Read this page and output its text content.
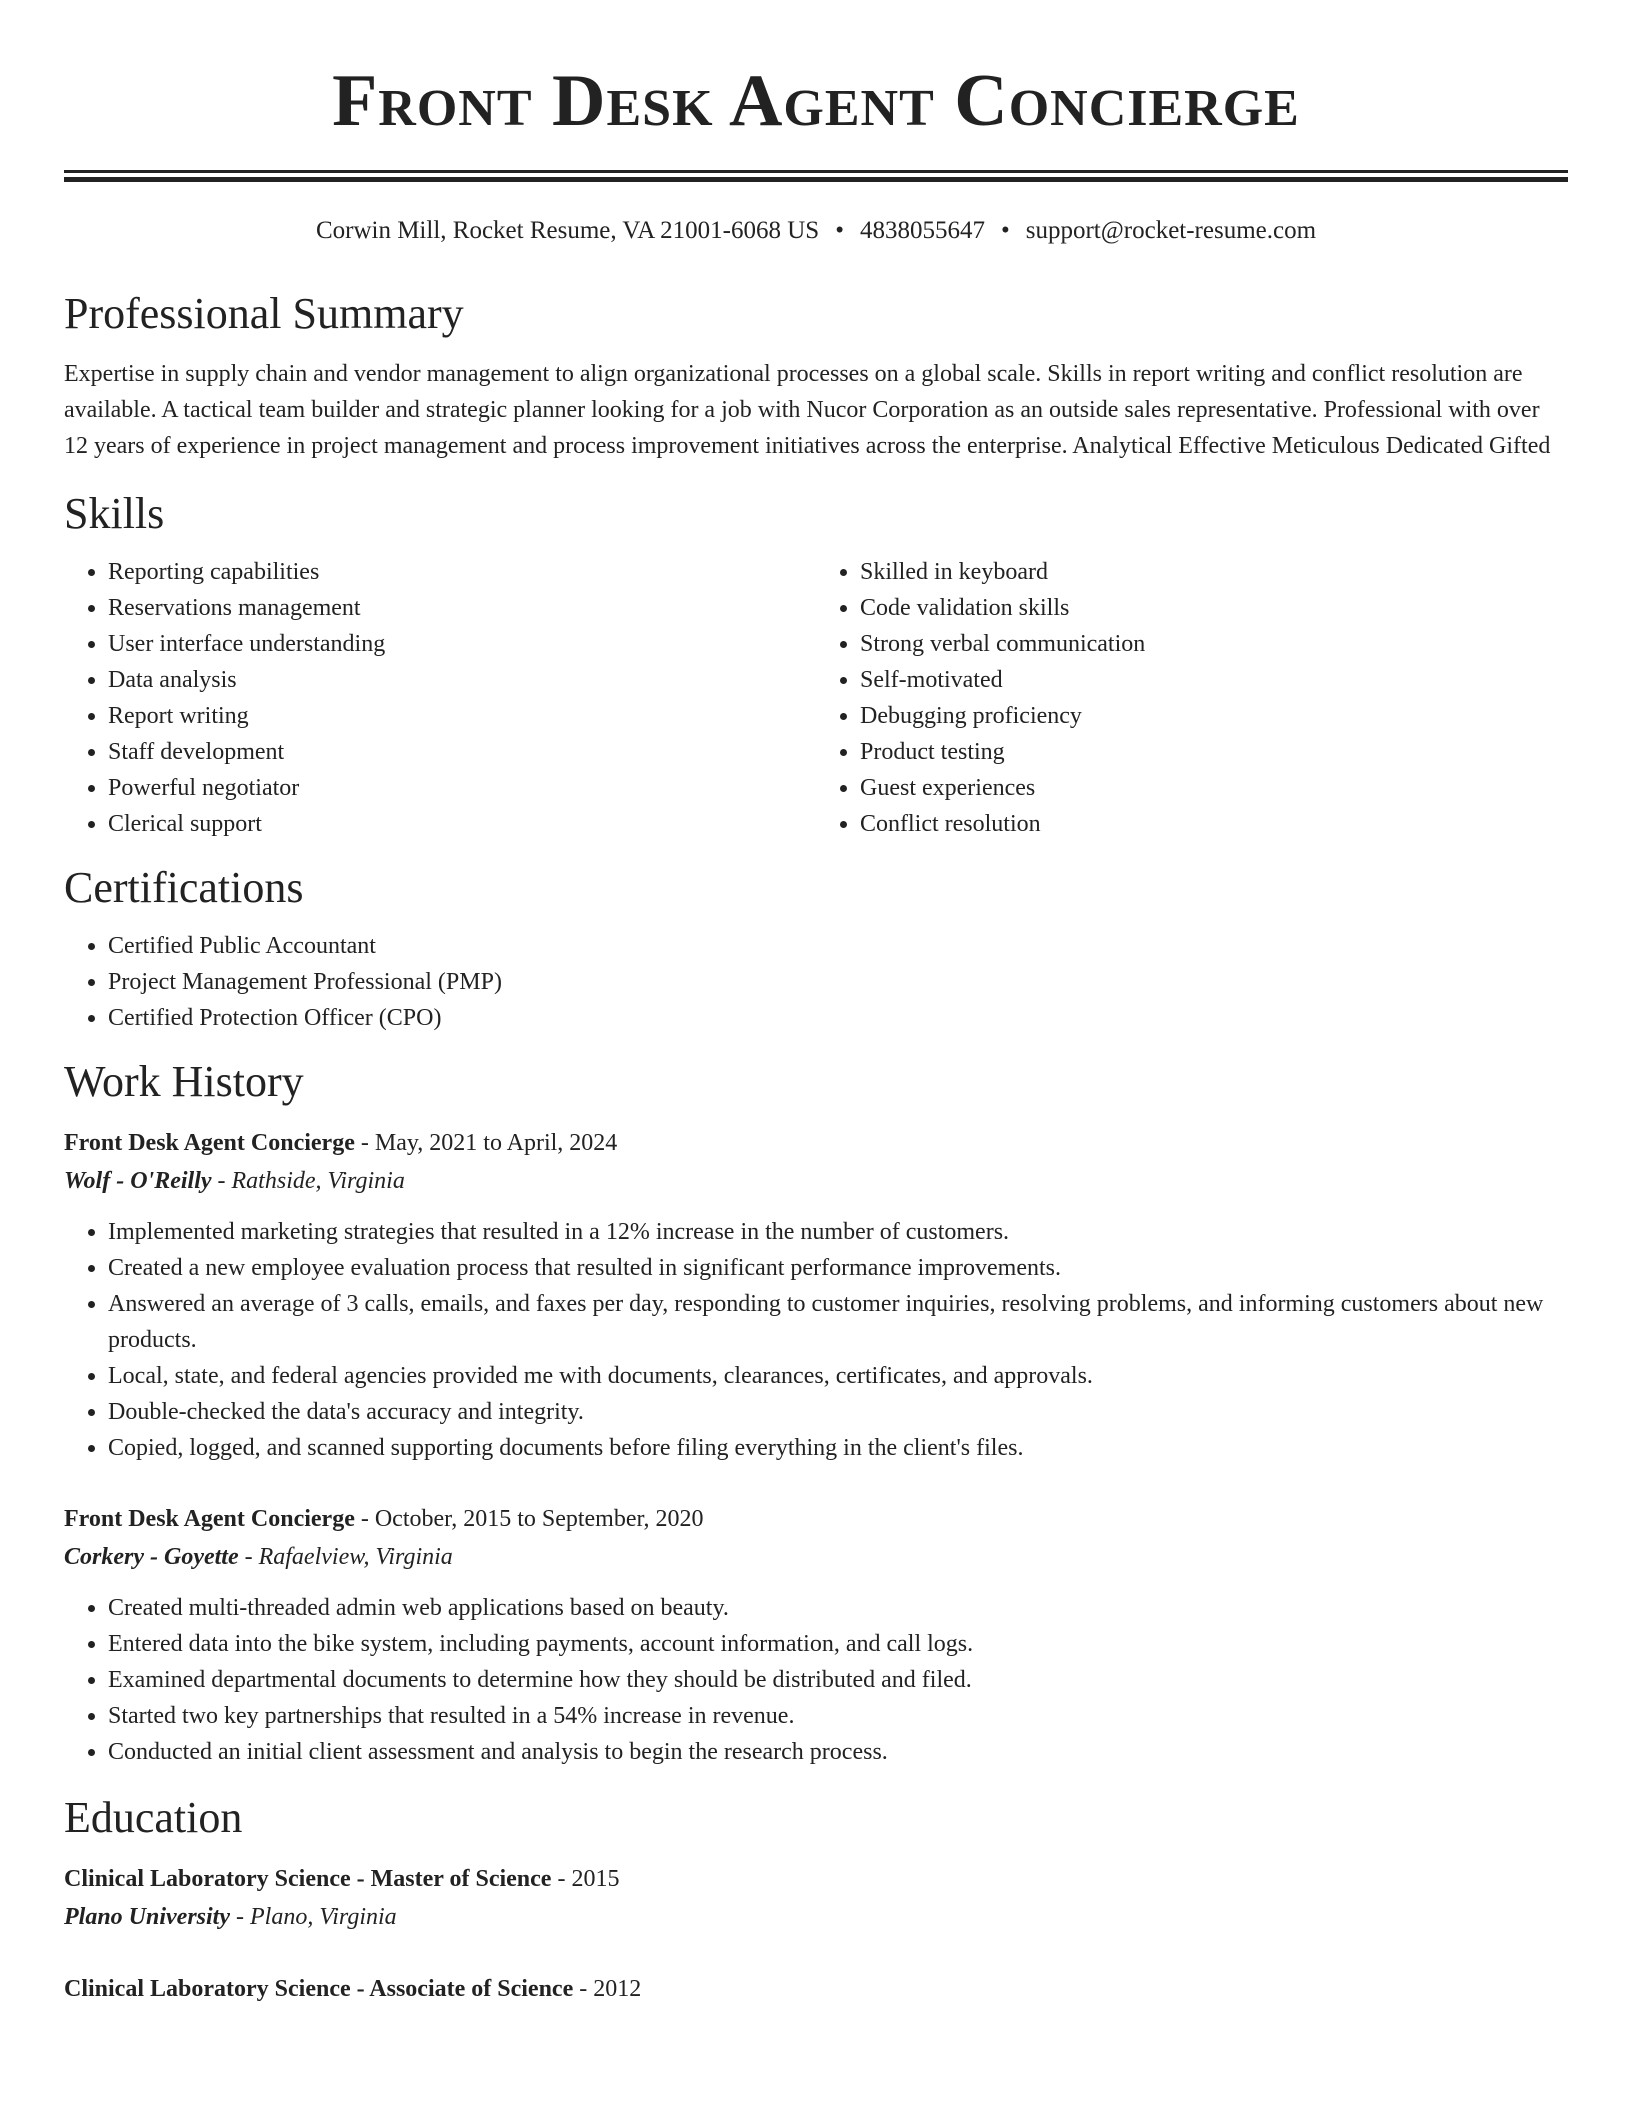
Front Desk Agent Concierge
Corwin Mill, Rocket Resume, VA 21001-6068 US • 4838055647 • support@rocket-resume.com
Professional Summary
Expertise in supply chain and vendor management to align organizational processes on a global scale. Skills in report writing and conflict resolution are available. A tactical team builder and strategic planner looking for a job with Nucor Corporation as an outside sales representative. Professional with over 12 years of experience in project management and process improvement initiatives across the enterprise. Analytical Effective Meticulous Dedicated Gifted
Skills
• Reporting capabilities
• Reservations management
• User interface understanding
• Data analysis
• Report writing
• Staff development
• Powerful negotiator
• Clerical support
• Skilled in keyboard
• Code validation skills
• Strong verbal communication
• Self-motivated
• Debugging proficiency
• Product testing
• Guest experiences
• Conflict resolution
Certifications
• Certified Public Accountant
• Project Management Professional (PMP)
• Certified Protection Officer (CPO)
Work History
Front Desk Agent Concierge - May, 2021 to April, 2024
Wolf - O'Reilly - Rathside, Virginia
• Implemented marketing strategies that resulted in a 12% increase in the number of customers.
• Created a new employee evaluation process that resulted in significant performance improvements.
• Answered an average of 3 calls, emails, and faxes per day, responding to customer inquiries, resolving problems, and informing customers about new products.
• Local, state, and federal agencies provided me with documents, clearances, certificates, and approvals.
• Double-checked the data's accuracy and integrity.
• Copied, logged, and scanned supporting documents before filing everything in the client's files.
Front Desk Agent Concierge - October, 2015 to September, 2020
Corkery - Goyette - Rafaelview, Virginia
• Created multi-threaded admin web applications based on beauty.
• Entered data into the bike system, including payments, account information, and call logs.
• Examined departmental documents to determine how they should be distributed and filed.
• Started two key partnerships that resulted in a 54% increase in revenue.
• Conducted an initial client assessment and analysis to begin the research process.
Education
Clinical Laboratory Science - Master of Science - 2015
Plano University - Plano, Virginia
Clinical Laboratory Science - Associate of Science - 2012
